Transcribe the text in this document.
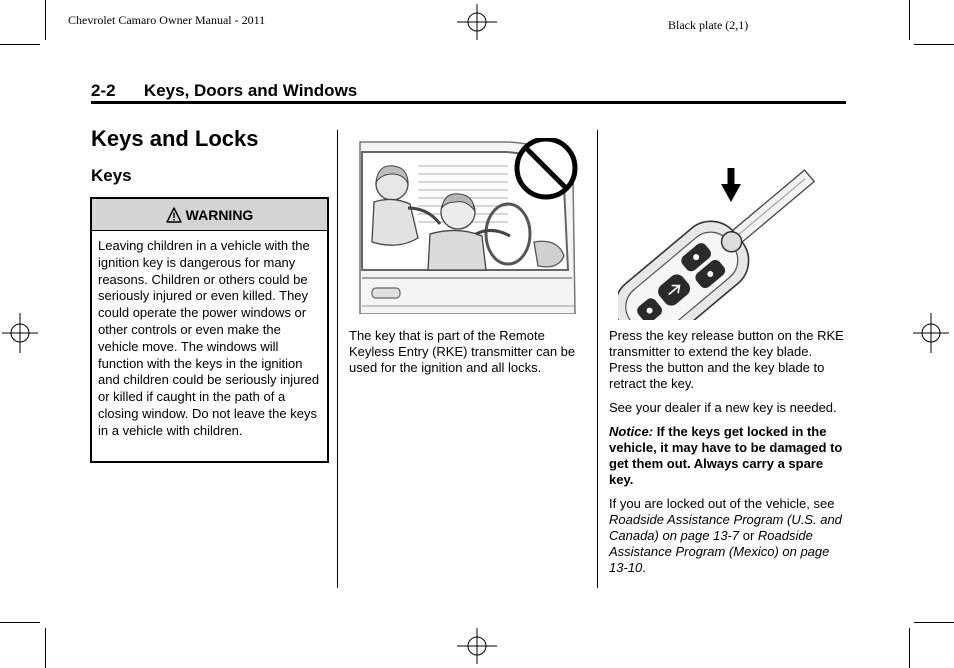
Chevrolet Camaro Owner Manual - 2011	Black plate (2,1)
2-2 Keys, Doors and Windows
Keys and Locks
Keys
WARNING
Leaving children in a vehicle with the ignition key is dangerous for many reasons. Children or others could be seriously injured or even killed. They could operate the power windows or other controls or even make the vehicle move. The windows will function with the keys in the ignition and children could be seriously injured or killed if caught in the path of a closing window. Do not leave the keys in a vehicle with children.
The key that is part of the Remote Keyless Entry (RKE) transmitter can be used for the ignition and all locks.

Press the key release button on the RKE transmitter to extend the key blade. Press the button and the key blade to retract the key.

See your dealer if a new key is needed.

Notice: If the keys get locked in the vehicle, it may have to be damaged to get them out. Always carry a spare key.

If you are locked out of the vehicle, see Roadside Assistance Program (U.S. and Canada) on page 13-7 or Roadside Assistance Program (Mexico) on page 13-10.
